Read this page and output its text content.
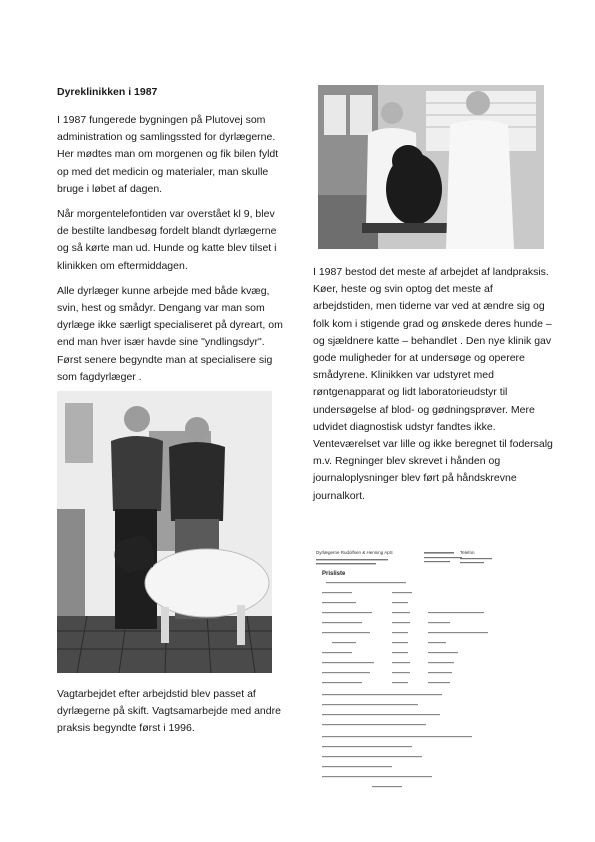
Dyreklinikken i 1987

I 1987 fungerede bygningen på Plutovej som administration og samlingssted for dyrlægerne. Her mødtes man om morgenen og fik bilen fyldt op med det medicin og materialer, man skulle bruge i løbet af dagen.

Når morgentelefontiden var overstået kl 9, blev de bestilte landbesøg fordelt blandt dyrlægerne og så kørte man ud. Hunde og katte blev tilset i klinikken om eftermiddagen.

Alle dyrlæger kunne arbejde med både kvæg, svin, hest og smådyr. Dengang var man som dyrlæge ikke særligt specialiseret på dyreart, om end man hver især havde sine "yndlingsdyr". Først senere begyndte man at specialisere sig som fagdyrlæger .

I 1987 bestod det meste af arbejdet af landpraksis. Køer, heste og svin optog det meste af arbejdstiden, men tiderne var ved at ændre sig og folk kom i stigende grad og ønskede deres hunde – og sjældnere katte – behandlet . Den nye klinik gav gode muligheder for at undersøge og operere smådyrene. Klinikken var udstyret med røntgenapparat og lidt laboratorieudstyr til undersøgelse af blod- og gødningsprøver. Mere udvidet diagnostisk udstyr fandtes ikke. Venteværelset var lille og ikke beregnet til fodersalg m.v. Regninger blev skrevet i hånden og journaloplysninger blev ført på håndskrevne journalkort.
Vagtarbejdet efter arbejdstid blev passet af dyrlægerne på skift. Vagtsamarbejde med andre praksis begyndte først i 1996.
Dyrlægerne Rudolfsen & Henning ApS	Telefon
Prisliste
